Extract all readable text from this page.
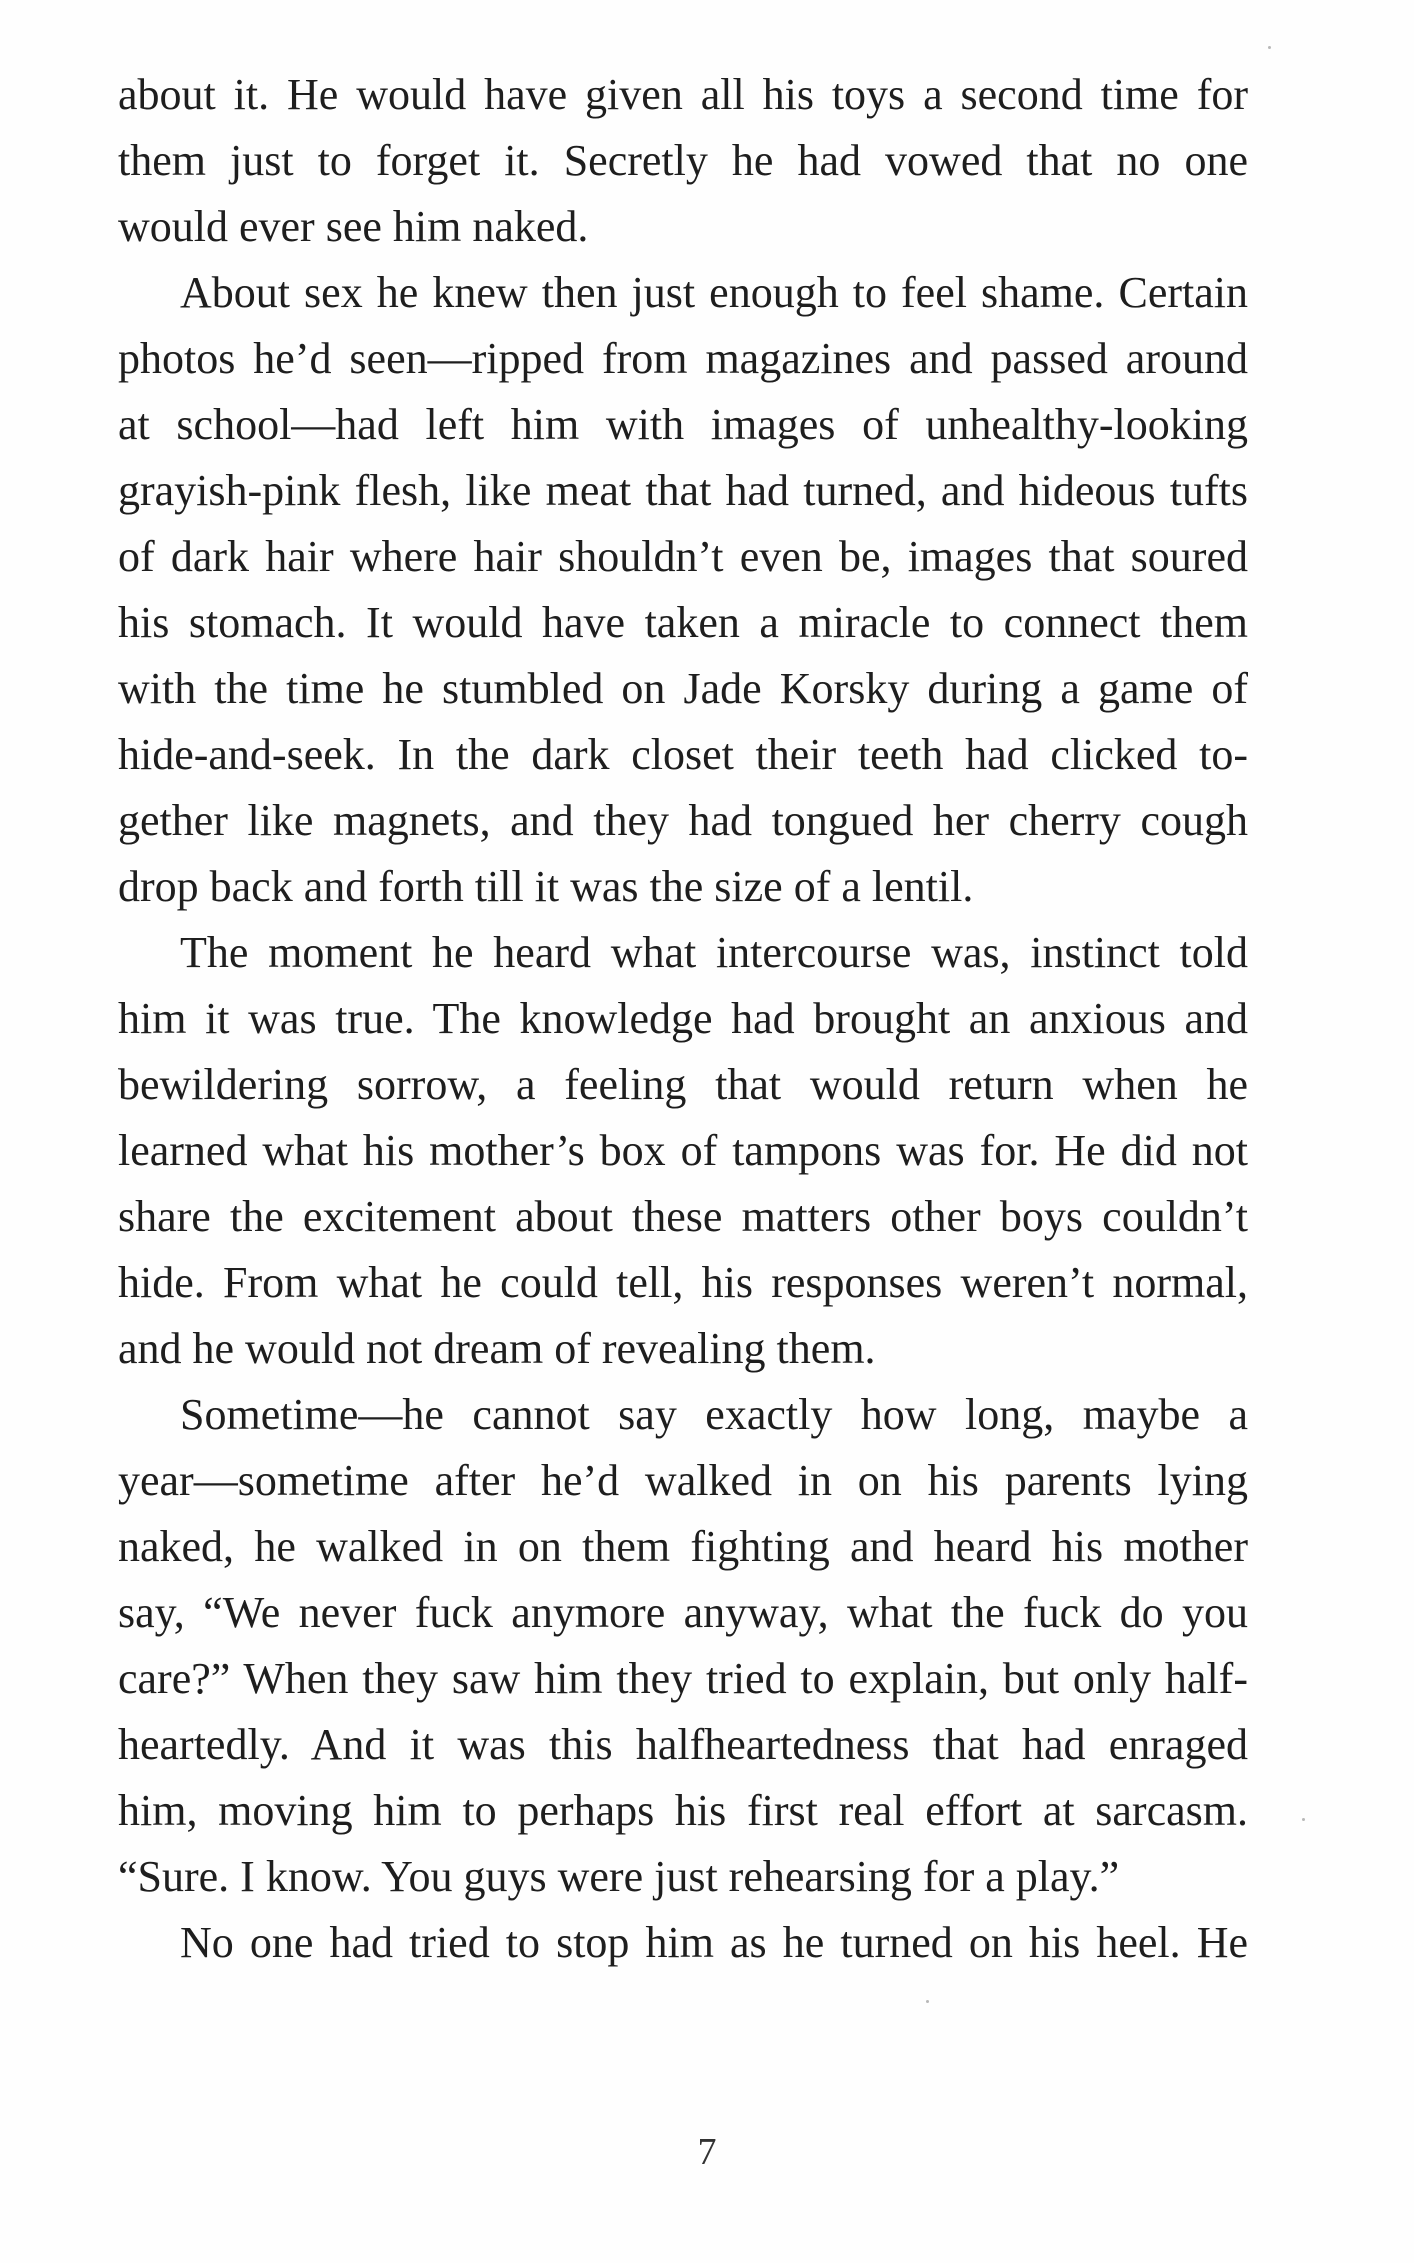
about it. He would have given all his toys a second time for
them just to forget it. Secretly he had vowed that no one
would ever see him naked.
About sex he knew then just enough to feel shame. Certain
photos he’d seen—ripped from magazines and passed around
at school—had left him with images of unhealthy-looking
grayish-pink flesh, like meat that had turned, and hideous tufts
of dark hair where hair shouldn’t even be, images that soured
his stomach. It would have taken a miracle to connect them
with the time he stumbled on Jade Korsky during a game of
hide-and-seek. In the dark closet their teeth had clicked to-
gether like magnets, and they had tongued her cherry cough
drop back and forth till it was the size of a lentil.
The moment he heard what intercourse was, instinct told
him it was true. The knowledge had brought an anxious and
bewildering sorrow, a feeling that would return when he
learned what his mother’s box of tampons was for. He did not
share the excitement about these matters other boys couldn’t
hide. From what he could tell, his responses weren’t normal,
and he would not dream of revealing them.
Sometime—he cannot say exactly how long, maybe a
year—sometime after he’d walked in on his parents lying
naked, he walked in on them fighting and heard his mother
say, “We never fuck anymore anyway, what the fuck do you
care?” When they saw him they tried to explain, but only half-
heartedly. And it was this halfheartedness that had enraged
him, moving him to perhaps his first real effort at sarcasm.
“Sure. I know. You guys were just rehearsing for a play.”
No one had tried to stop him as he turned on his heel. He
7
